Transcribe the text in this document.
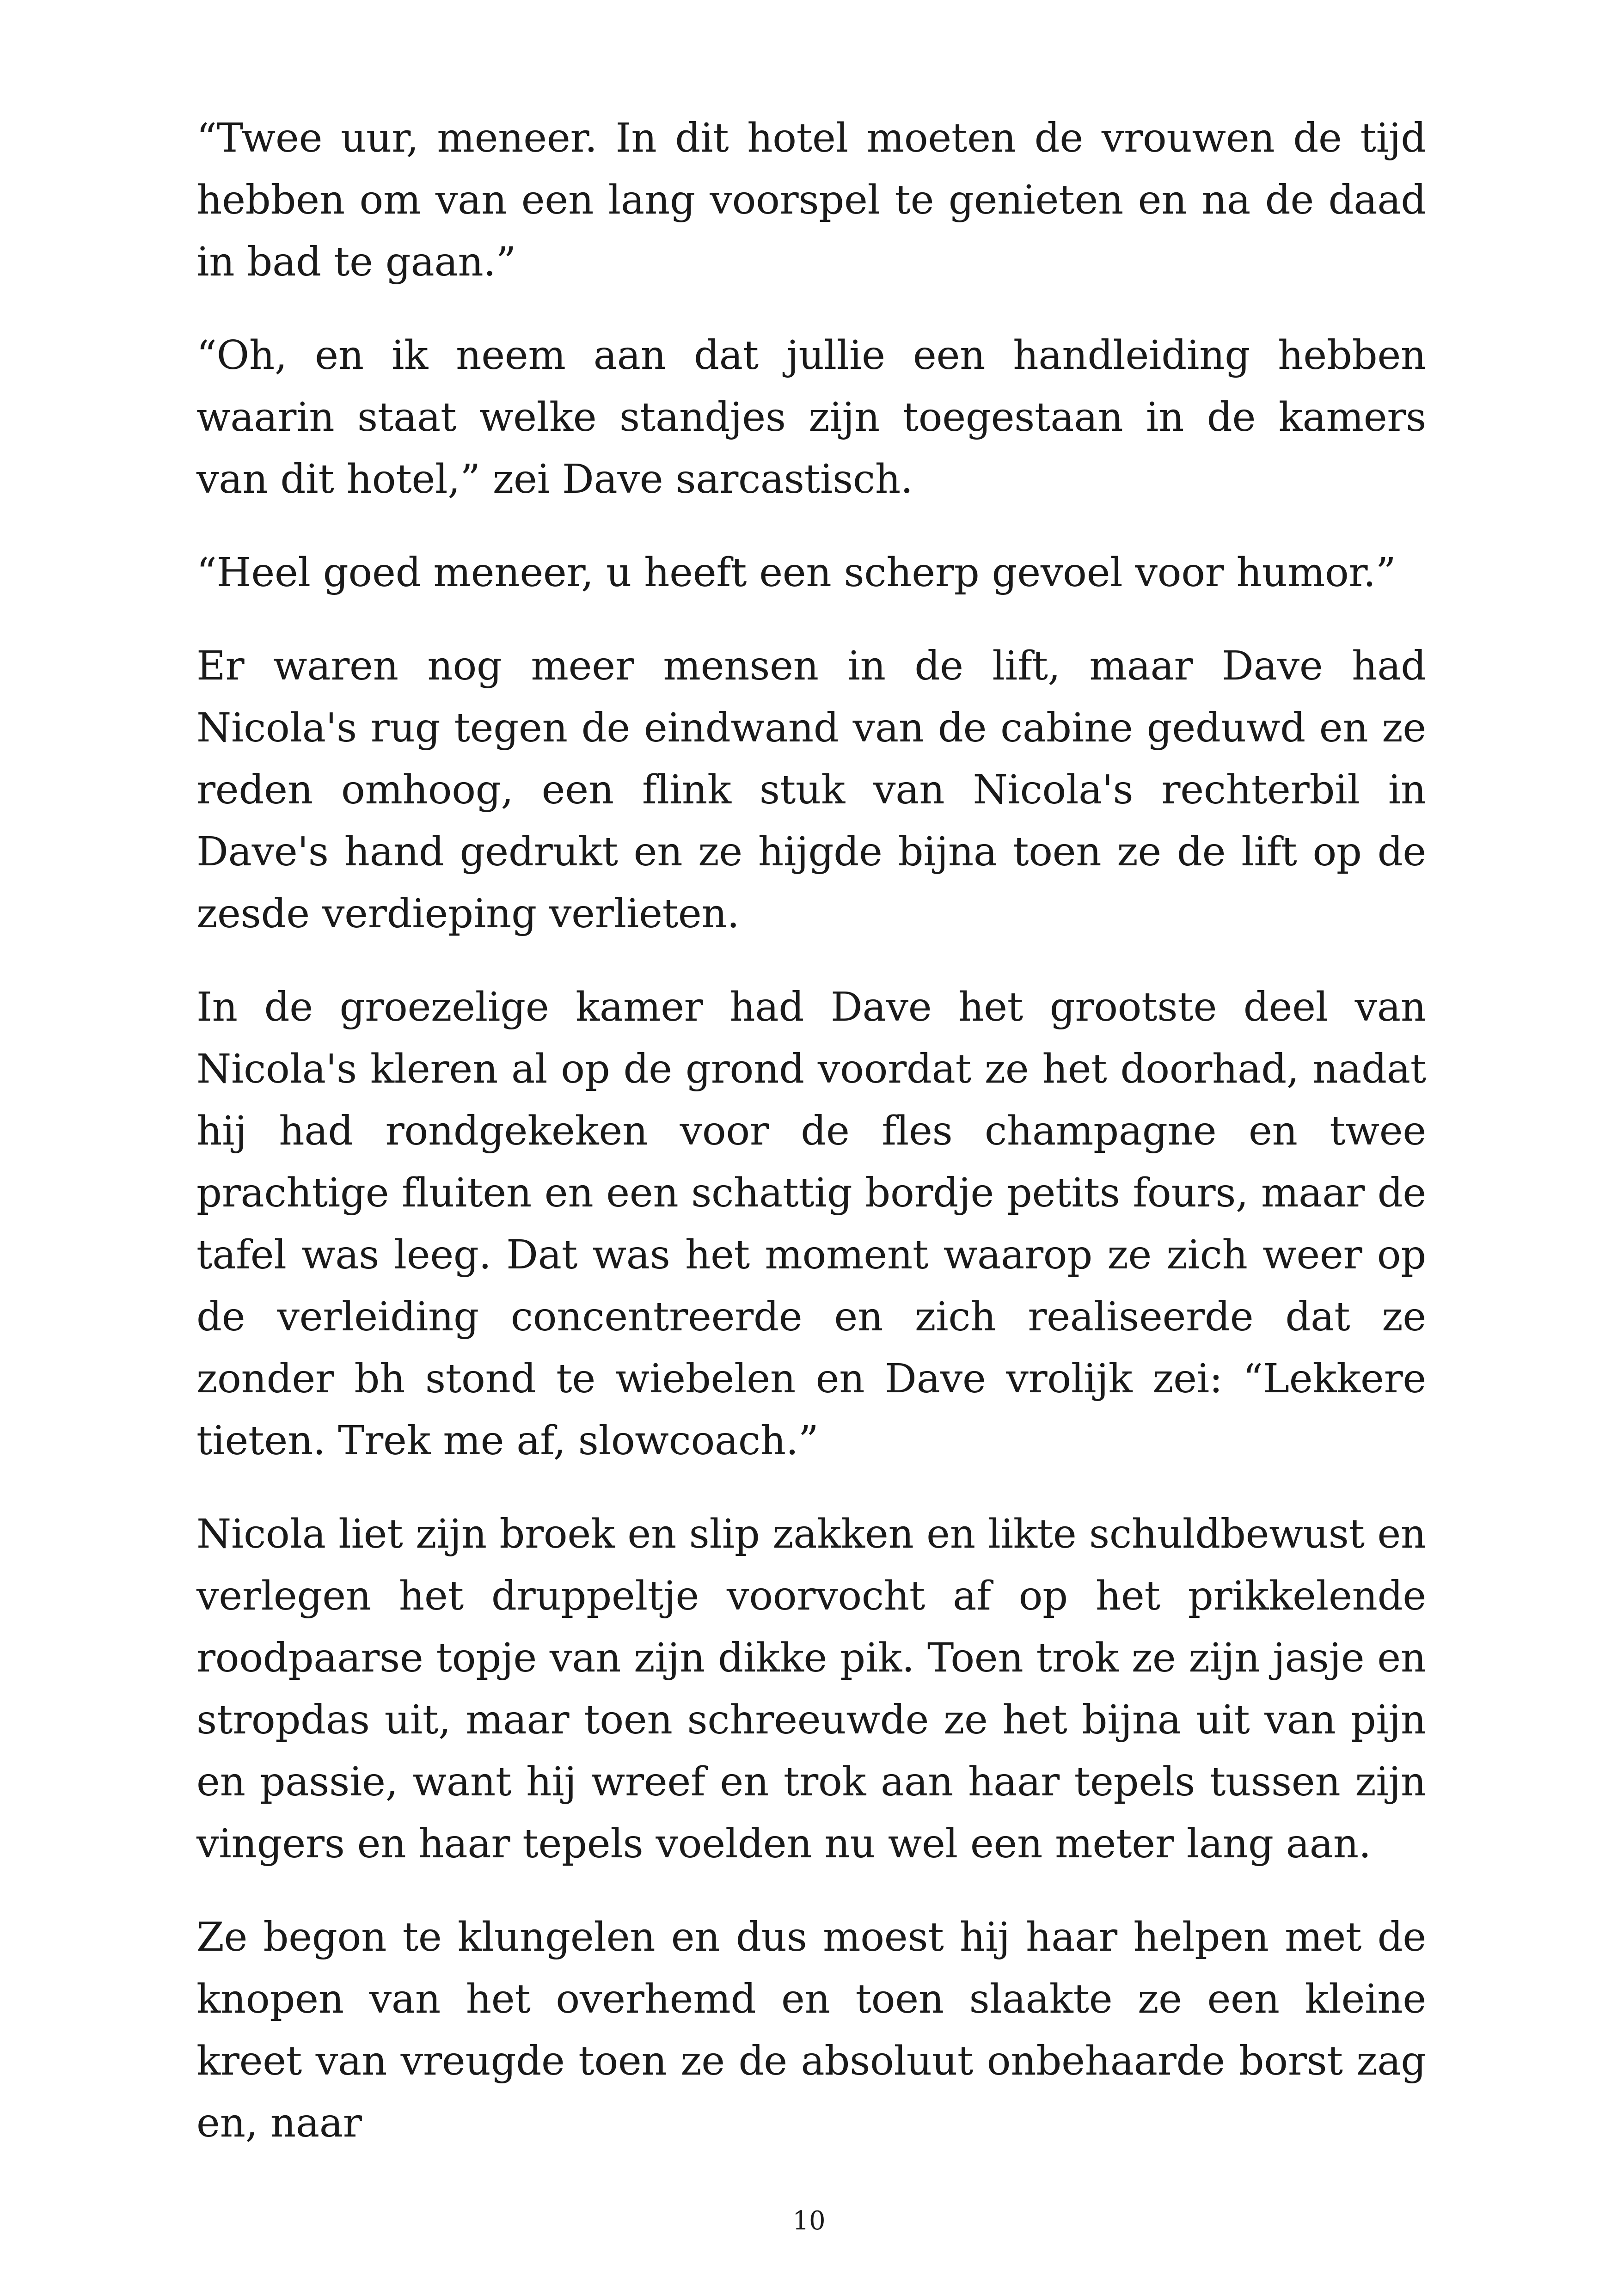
“Twee uur, meneer. In dit hotel moeten de vrouwen de tijd hebben om van een lang voorspel te genieten en na de daad in bad te gaan.”

“Oh, en ik neem aan dat jullie een handleiding hebben waarin staat welke standjes zijn toegestaan in de kamers van dit hotel,” zei Dave sarcastisch.

“Heel goed meneer, u heeft een scherp gevoel voor humor.”

Er waren nog meer mensen in de lift, maar Dave had Nicola's rug tegen de eindwand van de cabine geduwd en ze reden omhoog, een flink stuk van Nicola's rechterbil in Dave's hand gedrukt en ze hijgde bijna toen ze de lift op de zesde verdieping verlieten.

In de groezelige kamer had Dave het grootste deel van Nicola's kleren al op de grond voordat ze het doorhad, nadat hij had rondgekeken voor de fles champagne en twee prachtige fluiten en een schattig bordje petits fours, maar de tafel was leeg. Dat was het moment waarop ze zich weer op de verleiding concentreerde en zich realiseerde dat ze zonder bh stond te wiebelen en Dave vrolijk zei: “Lekkere tieten. Trek me af, slowcoach.”

Nicola liet zijn broek en slip zakken en likte schuldbewust en verlegen het druppeltje voorvocht af op het prikkelende roodpaarse topje van zijn dikke pik. Toen trok ze zijn jasje en stropdas uit, maar toen schreeuwde ze het bijna uit van pijn en passie, want hij wreef en trok aan haar tepels tussen zijn vingers en haar tepels voelden nu wel een meter lang aan.

Ze begon te klungelen en dus moest hij haar helpen met de knopen van het overhemd en toen slaakte ze een kleine kreet van vreugde toen ze de absoluut onbehaarde borst zag en, naar

10
